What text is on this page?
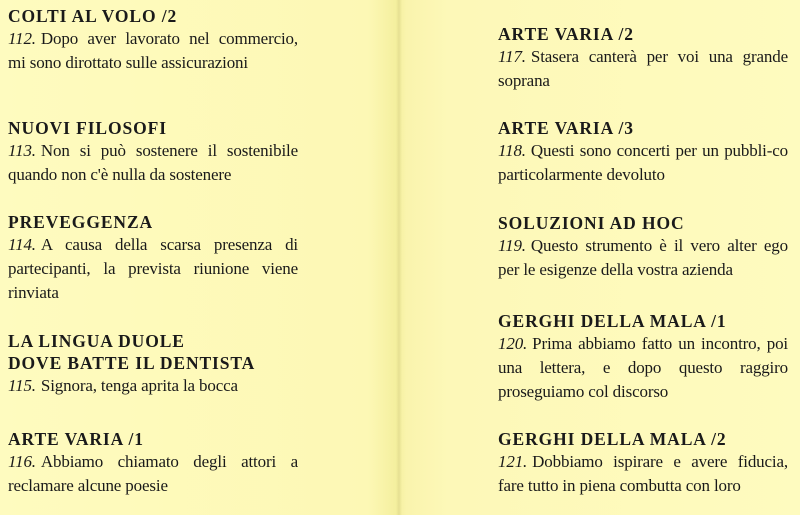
COLTI AL VOLO /2
112. Dopo aver lavorato nel commercio, mi sono dirottato sulle assicurazioni
NUOVI FILOSOFI
113. Non si può sostenere il sostenibile quando non c'è nulla da sostenere
PREVEGGENZA
114. A causa della scarsa presenza di partecipanti, la prevista riunione viene rinviata
LA LINGUA DUOLE
DOVE BATTE IL DENTISTA
115. Signora, tenga aprita la bocca
ARTE VARIA /1
116. Abbiamo chiamato degli attori a reclamare alcune poesie
ARTE VARIA /2
117. Stasera canterà per voi una grande soprana
ARTE VARIA /3
118. Questi sono concerti per un pubbli-co particolarmente devoluto
SOLUZIONI AD HOC
119. Questo strumento è il vero alter ego per le esigenze della vostra azienda
GERGHI DELLA MALA /1
120. Prima abbiamo fatto un incontro, poi una lettera, e dopo questo raggiro proseguiamo col discorso
GERGHI DELLA MALA /2
121. Dobbiamo ispirare e avere fiducia, fare tutto in piena combutta con loro
